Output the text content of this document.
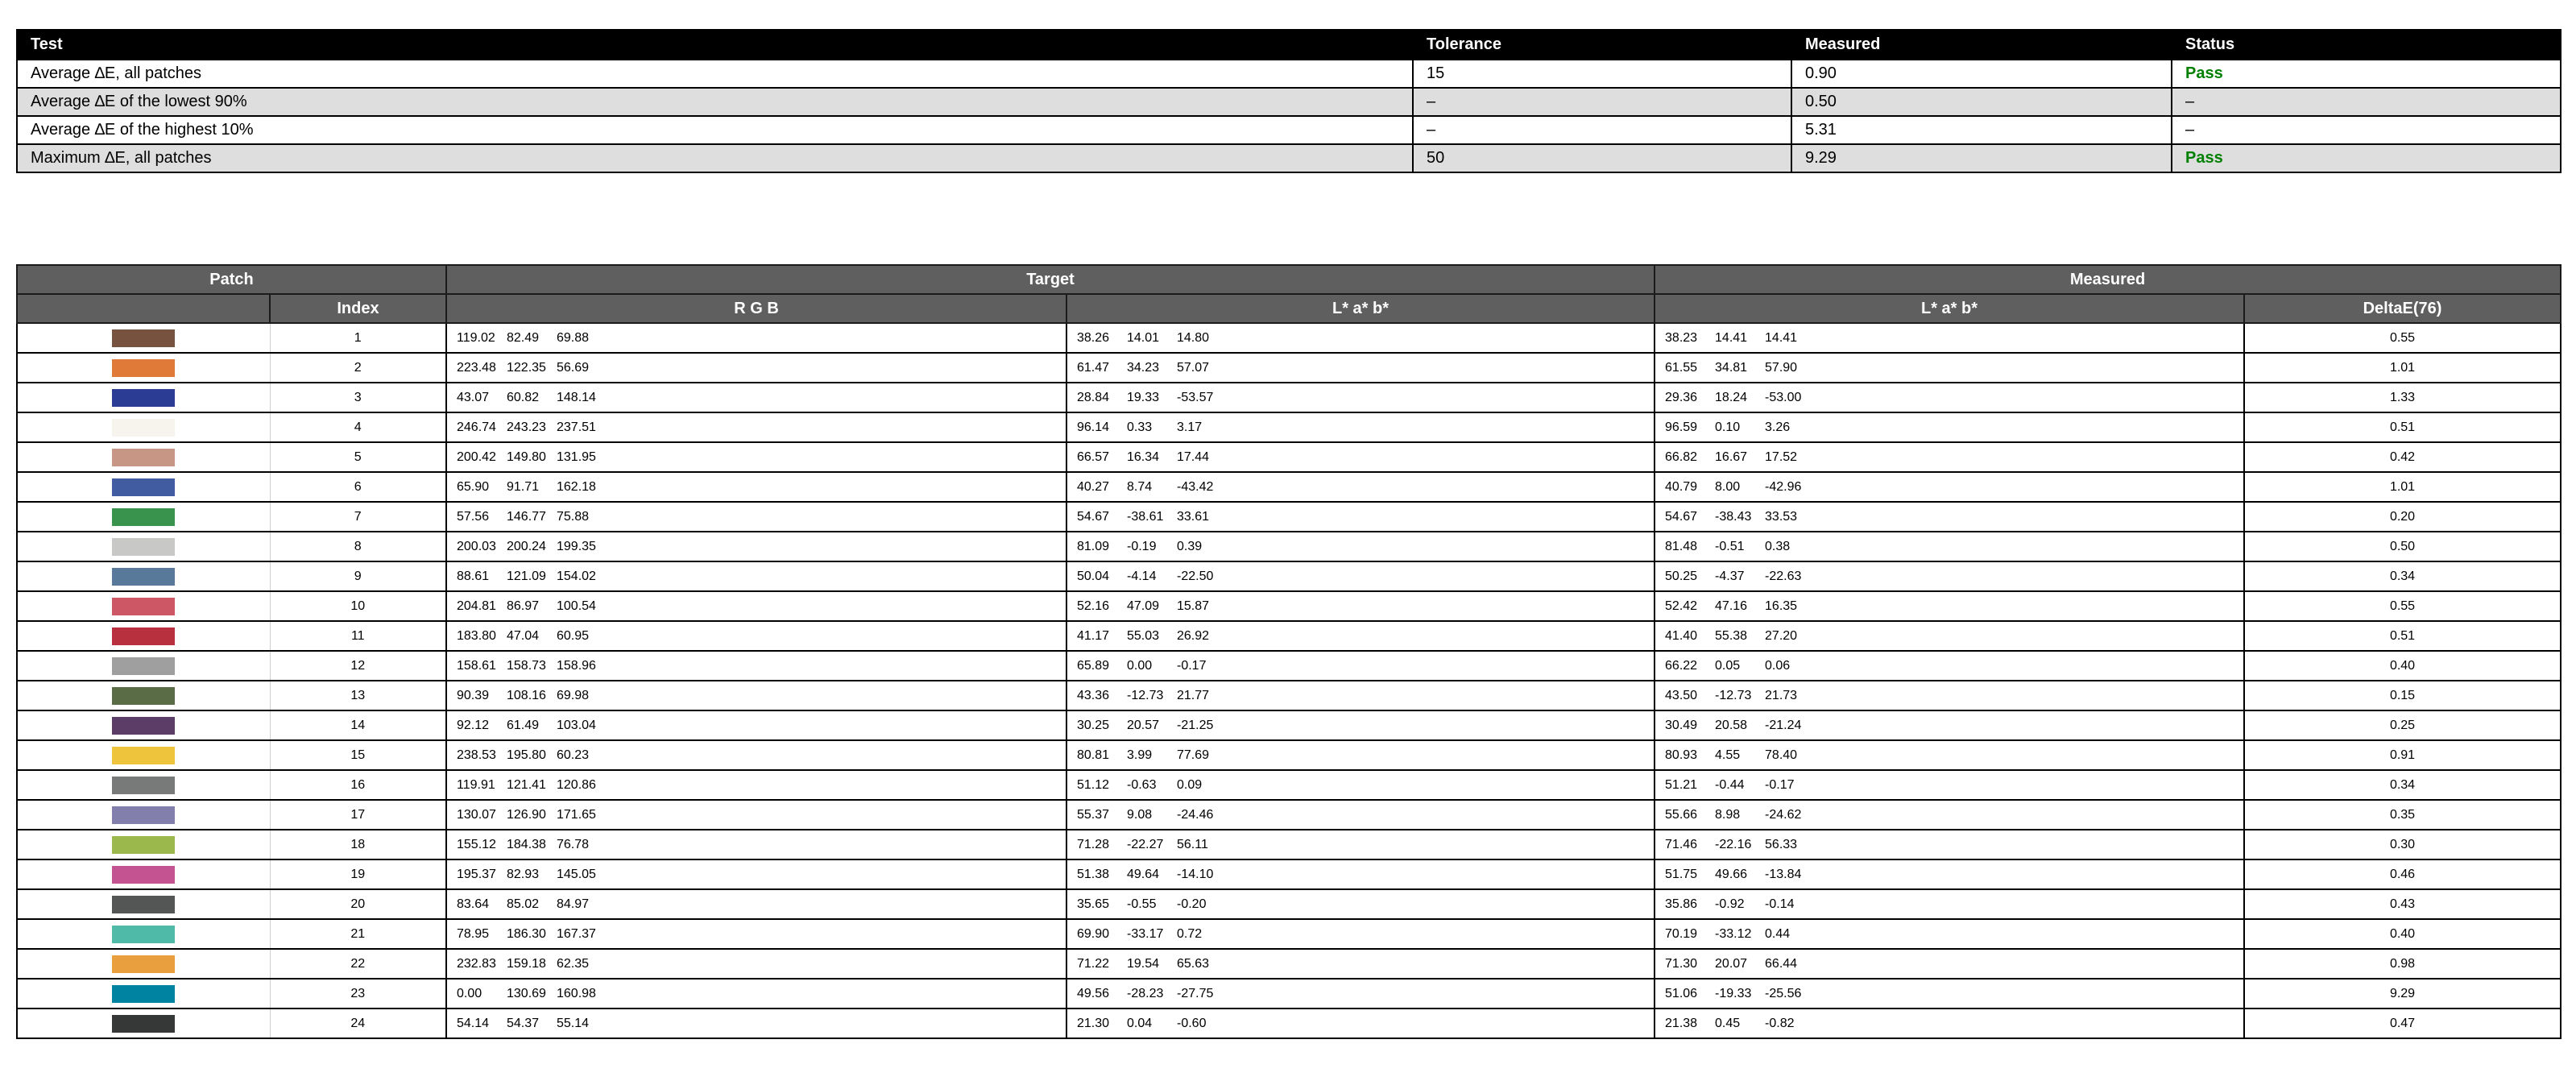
Test	Tolerance	Measured	Status
Average ∆E, all patches	15	0.90	Pass
Average ∆E of the lowest 90%	–	0.50	–
Average ∆E of the highest 10%	–	5.31	–
Maximum ∆E, all patches	50	9.29	Pass
Patch		Target		Measured	
	Index	R G B	L* a* b*	L* a* b*	DeltaE(76)
	1	119.02 82.49 69.88	38.26 14.01 14.80	38.23 14.41 14.41	0.55
	2	223.48 122.35 56.69	61.47 34.23 57.07	61.55 34.81 57.90	1.01
	3	43.07 60.82 148.14	28.84 19.33 -53.57	29.36 18.24 -53.00	1.33
	4	246.74 243.23 237.51	96.14 0.33 3.17	96.59 0.10 3.26	0.51
	5	200.42 149.80 131.95	66.57 16.34 17.44	66.82 16.67 17.52	0.42
	6	65.90 91.71 162.18	40.27 8.74 -43.42	40.79 8.00 -42.96	1.01
	7	57.56 146.77 75.88	54.67 -38.61 33.61	54.67 -38.43 33.53	0.20
	8	200.03 200.24 199.35	81.09 -0.19 0.39	81.48 -0.51 0.38	0.50
	9	88.61 121.09 154.02	50.04 -4.14 -22.50	50.25 -4.37 -22.63	0.34
	10	204.81 86.97 100.54	52.16 47.09 15.87	52.42 47.16 16.35	0.55
	11	183.80 47.04 60.95	41.17 55.03 26.92	41.40 55.38 27.20	0.51
	12	158.61 158.73 158.96	65.89 0.00 -0.17	66.22 0.05 0.06	0.40
	13	90.39 108.16 69.98	43.36 -12.73 21.77	43.50 -12.73 21.73	0.15
	14	92.12 61.49 103.04	30.25 20.57 -21.25	30.49 20.58 -21.24	0.25
	15	238.53 195.80 60.23	80.81 3.99 77.69	80.93 4.55 78.40	0.91
	16	119.91 121.41 120.86	51.12 -0.63 0.09	51.21 -0.44 -0.17	0.34
	17	130.07 126.90 171.65	55.37 9.08 -24.46	55.66 8.98 -24.62	0.35
	18	155.12 184.38 76.78	71.28 -22.27 56.11	71.46 -22.16 56.33	0.30
	19	195.37 82.93 145.05	51.38 49.64 -14.10	51.75 49.66 -13.84	0.46
	20	83.64 85.02 84.97	35.65 -0.55 -0.20	35.86 -0.92 -0.14	0.43
	21	78.95 186.30 167.37	69.90 -33.17 0.72	70.19 -33.12 0.44	0.40
	22	232.83 159.18 62.35	71.22 19.54 65.63	71.30 20.07 66.44	0.98
	23	0.00 130.69 160.98	49.56 -28.23 -27.75	51.06 -19.33 -25.56	9.29
	24	54.14 54.37 55.14	21.30 0.04 -0.60	21.38 0.45 -0.82	0.47
